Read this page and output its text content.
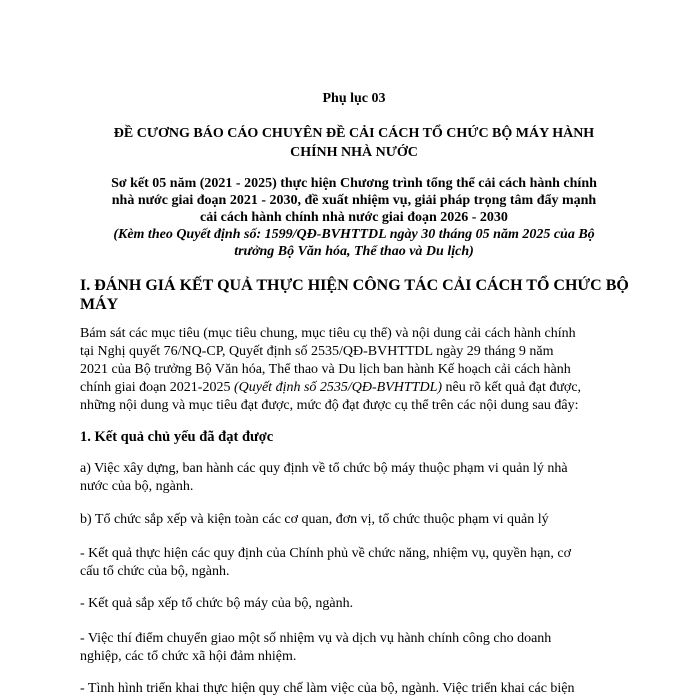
Phụ lục 03

ĐỀ CƯƠNG BÁO CÁO CHUYÊN ĐỀ CẢI CÁCH TỔ CHỨC BỘ MÁY HÀNH
CHÍNH NHÀ NƯỚC
Sơ kết 05 năm (2021 - 2025) thực hiện Chương trình tổng thể cải cách hành chính
nhà nước giai đoạn 2021 - 2030, đề xuất nhiệm vụ, giải pháp trọng tâm đẩy mạnh
cải cách hành chính nhà nước giai đoạn 2026 - 2030
(Kèm theo Quyết định số: 1599/QĐ-BVHTTDL ngày 30 tháng 05 năm 2025 của Bộ
trưởng Bộ Văn hóa, Thể thao và Du lịch)
I. ĐÁNH GIÁ KẾT QUẢ THỰC HIỆN CÔNG TÁC CẢI CÁCH TỔ CHỨC BỘ
MÁY
Bám sát các mục tiêu (mục tiêu chung, mục tiêu cụ thể) và nội dung cải cách hành chính
tại Nghị quyết 76/NQ-CP, Quyết định số 2535/QĐ-BVHTTDL ngày 29 tháng 9 năm
2021 của Bộ trưởng Bộ Văn hóa, Thể thao và Du lịch ban hành Kế hoạch cải cách hành
chính giai đoạn 2021-2025 (Quyết định số 2535/QĐ-BVHTTDL) nêu rõ kết quả đạt được,
những nội dung và mục tiêu đạt được, mức độ đạt được cụ thể trên các nội dung sau đây:
1. Kết quả chủ yếu đã đạt được
a) Việc xây dựng, ban hành các quy định về tổ chức bộ máy thuộc phạm vi quản lý nhà
nước của bộ, ngành.
b) Tổ chức sắp xếp và kiện toàn các cơ quan, đơn vị, tổ chức thuộc phạm vi quản lý
- Kết quả thực hiện các quy định của Chính phủ về chức năng, nhiệm vụ, quyền hạn, cơ
cấu tổ chức của bộ, ngành.
- Kết quả sắp xếp tổ chức bộ máy của bộ, ngành.
- Việc thí điểm chuyển giao một số nhiệm vụ và dịch vụ hành chính công cho doanh
nghiệp, các tổ chức xã hội đảm nhiệm.
- Tình hình triển khai thực hiện quy chế làm việc của bộ, ngành. Việc triển khai các biện
